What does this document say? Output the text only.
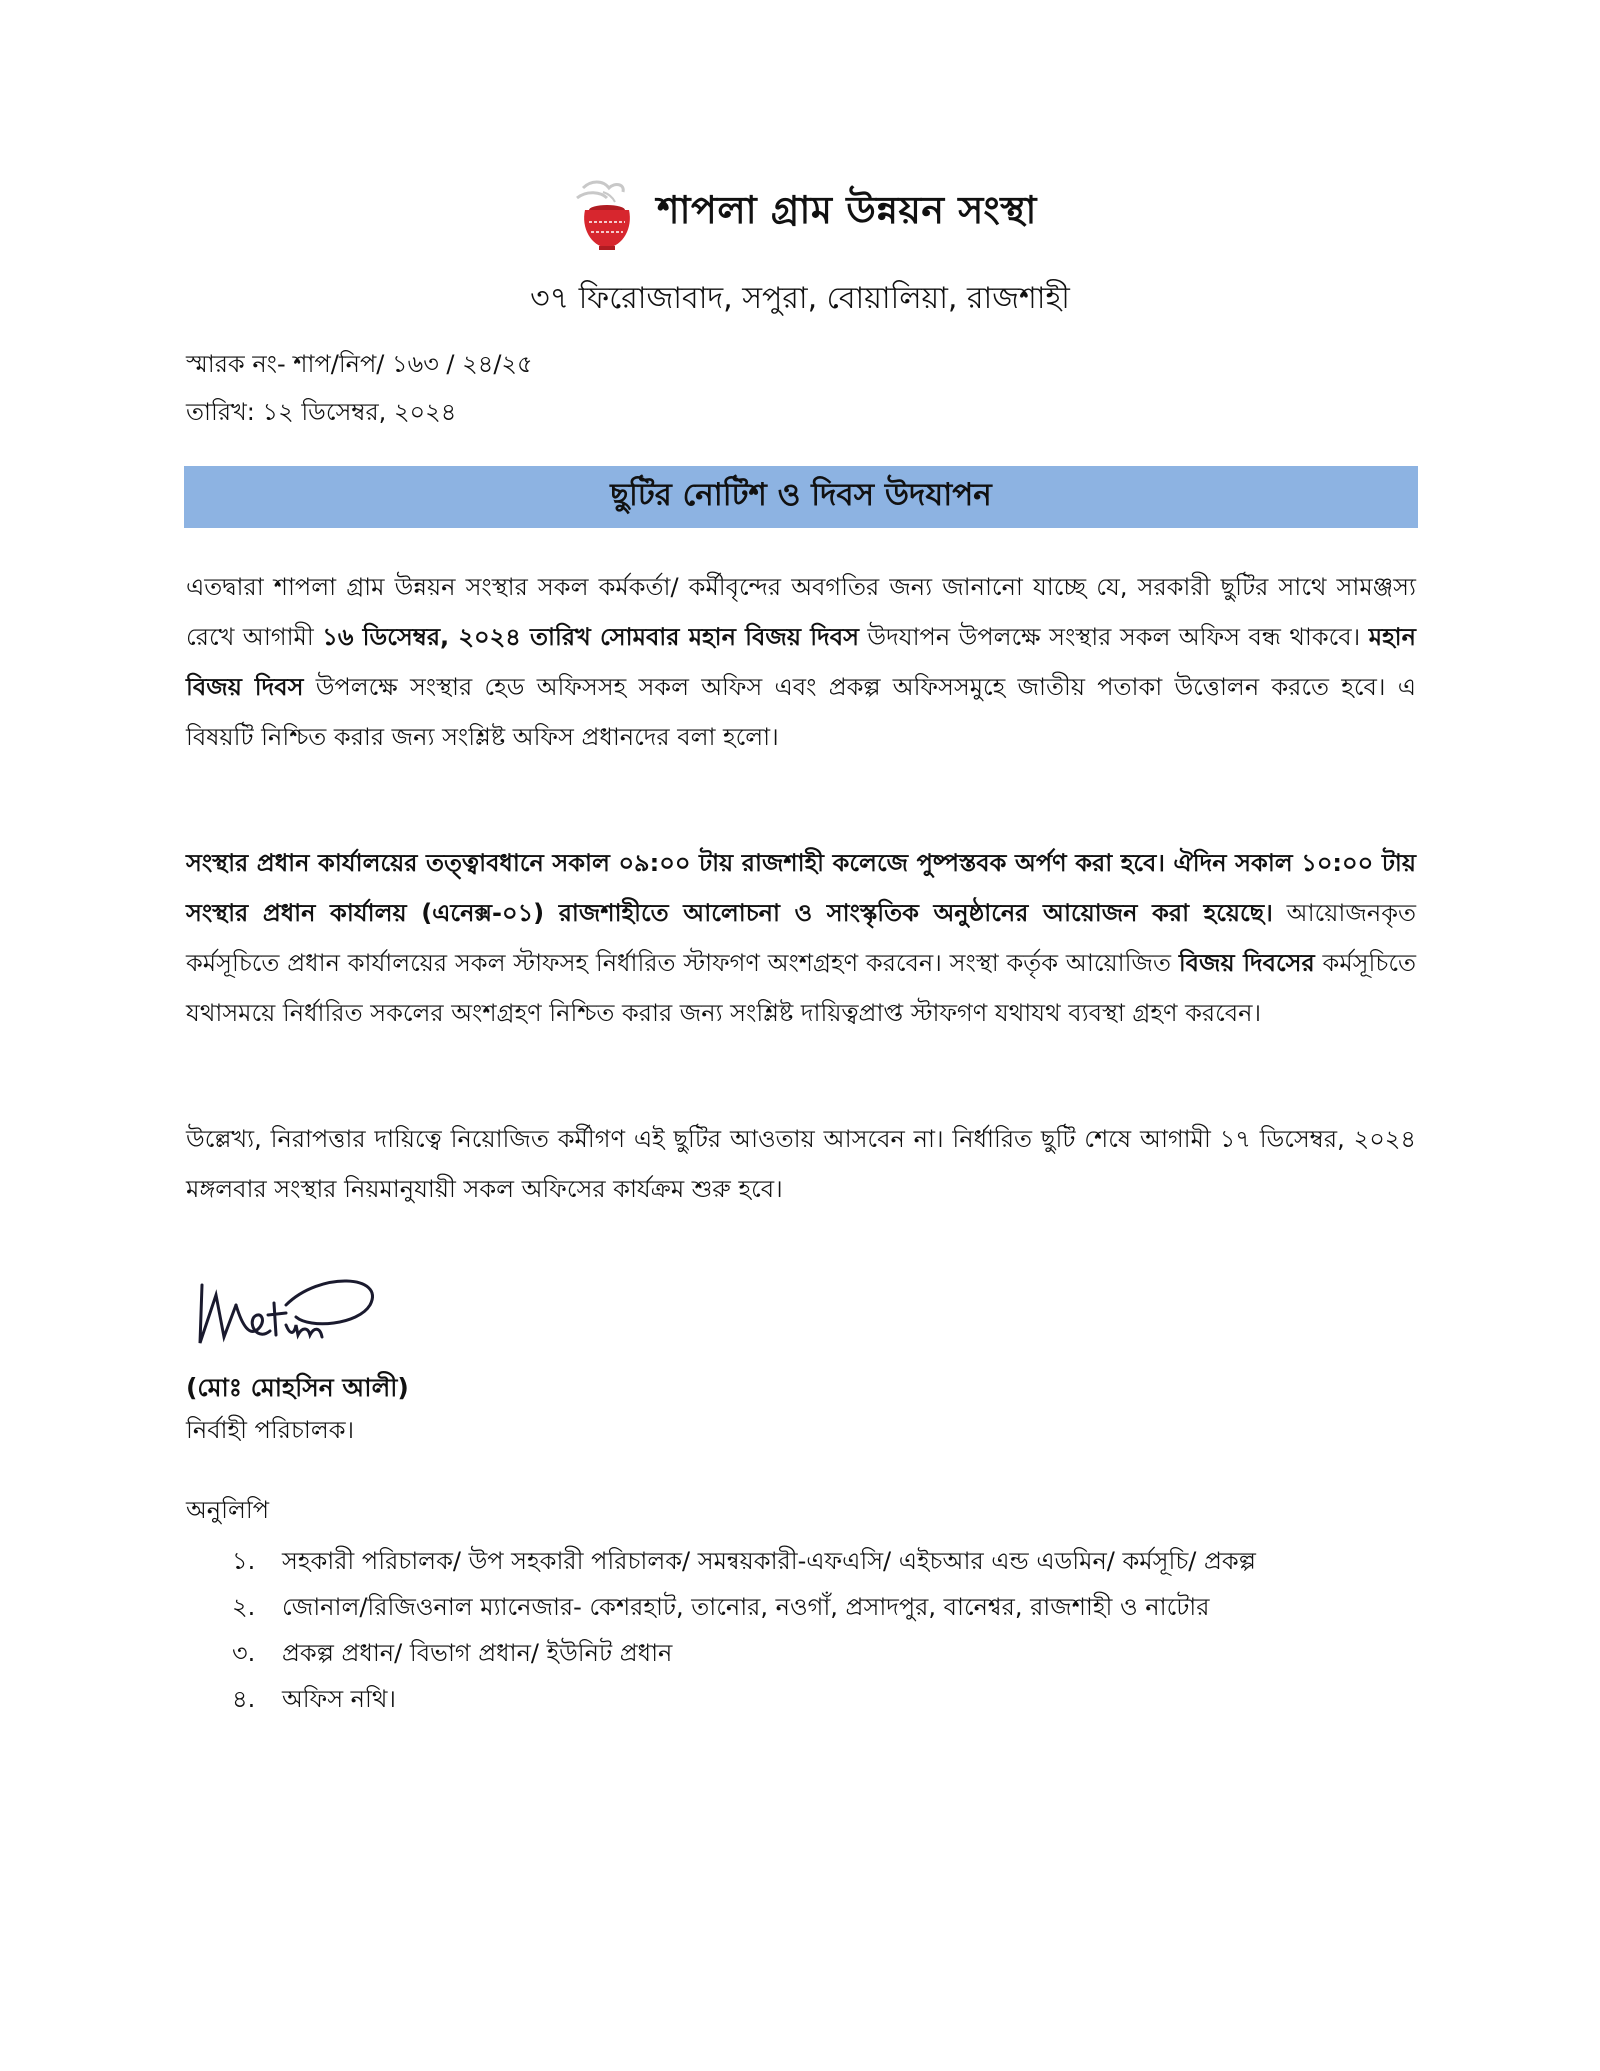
শাপলা গ্রাম উন্নয়ন সংস্থা
৩৭ ফিরোজাবাদ, সপুরা, বোয়ালিয়া, রাজশাহী
স্মারক নং- শাপ/নিপ/ ১৬৩ / ২৪/২৫
তারিখ: ১২ ডিসেম্বর, ২০২৪
ছুটির নোটিশ ও দিবস উদযাপন
এতদ্বারা শাপলা গ্রাম উন্নয়ন সংস্থার সকল কর্মকর্তা/ কর্মীবৃন্দের অবগতির জন্য জানানো যাচ্ছে যে, সরকারী ছুটির সাথে সামঞ্জস্য রেখে আগামী ১৬ ডিসেম্বর, ২০২৪ তারিখ সোমবার মহান বিজয় দিবস উদযাপন উপলক্ষে সংস্থার সকল অফিস বন্ধ থাকবে। মহান বিজয় দিবস উপলক্ষে সংস্থার হেড অফিসসহ সকল অফিস এবং প্রকল্প অফিসসমুহে জাতীয় পতাকা উত্তোলন করতে হবে। এ বিষয়টি নিশ্চিত করার জন্য সংশ্লিষ্ট অফিস প্রধানদের বলা হলো।
সংস্থার প্রধান কার্যালয়ের তত্ত্বাবধানে সকাল ০৯:০০ টায় রাজশাহী কলেজে পুষ্পস্তবক অর্পণ করা হবে। ঐদিন সকাল ১০:০০ টায় সংস্থার প্রধান কার্যালয় (এনেক্স-০১) রাজশাহীতে আলোচনা ও সাংস্কৃতিক অনুষ্ঠানের আয়োজন করা হয়েছে। আয়োজনকৃত কর্মসূচিতে প্রধান কার্যালয়ের সকল স্টাফসহ নির্ধারিত স্টাফগণ অংশগ্রহণ করবেন। সংস্থা কর্তৃক আয়োজিত বিজয় দিবসের কর্মসূচিতে যথাসময়ে নির্ধারিত সকলের অংশগ্রহণ নিশ্চিত করার জন্য সংশ্লিষ্ট দায়িত্বপ্রাপ্ত স্টাফগণ যথাযথ ব্যবস্থা গ্রহণ করবেন।
উল্লেখ্য, নিরাপত্তার দায়িত্বে নিয়োজিত কর্মীগণ এই ছুটির আওতায় আসবেন না। নির্ধারিত ছুটি শেষে আগামী ১৭ ডিসেম্বর, ২০২৪ মঙ্গলবার সংস্থার নিয়মানুযায়ী সকল অফিসের কার্যক্রম শুরু হবে।
(মোঃ মোহসিন আলী)
নির্বাহী পরিচালক।
অনুলিপি
১.	সহকারী পরিচালক/ উপ সহকারী পরিচালক/ সমন্বয়কারী-এফএসি/ এইচআর এন্ড এডমিন/ কর্মসূচি/ প্রকল্প
২.	জোনাল/রিজিওনাল ম্যানেজার- কেশরহাট, তানোর, নওগাঁ, প্রসাদপুর, বানেশ্বর, রাজশাহী ও নাটোর
৩.	প্রকল্প প্রধান/ বিভাগ প্রধান/ ইউনিট প্রধান
৪.	অফিস নথি।
